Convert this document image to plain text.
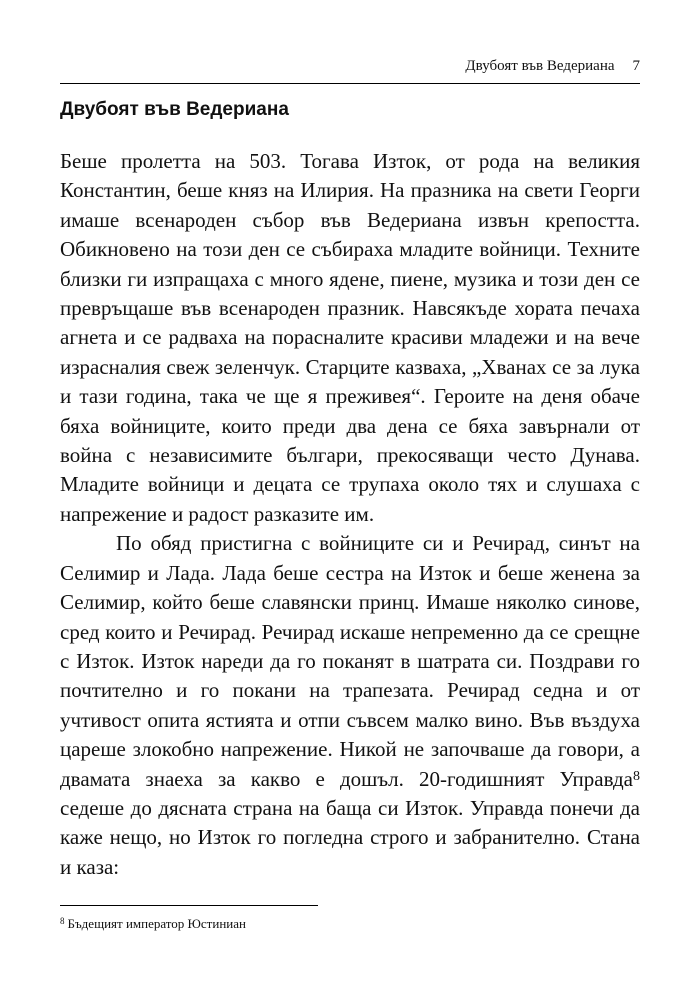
Двубоят във Ведериана 7
Двубоят във Ведериана

Беше пролетта на 503. Тогава Изток, от рода на великия Константин, беше княз на Илирия. На празника на свети Георги имаше всенароден събор във Ведериана извън крепостта. Обикновено на този ден се събираха младите войници. Техните близки ги изпращаха с много ядене, пиене, музика и този ден се превръщаше във всенароден празник. Навсякъде хората печаха агнета и се радваха на порасналите красиви младежи и на вече израсналия свеж зеленчук. Старците казваха, „Хванах се за лука и тази година, така че ще я преживея“. Героите на деня обаче бяха войниците, които преди два дена се бяха завърнали от война с независимите българи, прекосяващи често Дунава. Младите войници и децата се трупаха около тях и слушаха с напрежение и радост разказите им.

По обяд пристигна с войниците си и Речирад, синът на Селимир и Лада. Лада беше сестра на Изток и беше женена за Селимир, който беше славянски принц. Имаше няколко синове, сред които и Речирад. Речирад искаше непременно да се срещне с Изток. Изток нареди да го поканят в шатрата си. Поздрави го почтително и го покани на трапезата. Речирад седна и от учтивост опита ястията и отпи съвсем малко вино. Във въздуха цареше злокобно напрежение. Никой не започваше да говори, а двамата знаеха за какво е дошъл. 20-годишният Управда$^8$ седеше до дясната страна на баща си Изток. Управда понечи да каже нещо, но Изток го погледна строго и забранително. Стана и каза:

$^8$ Бъдещият император Юстиниан
